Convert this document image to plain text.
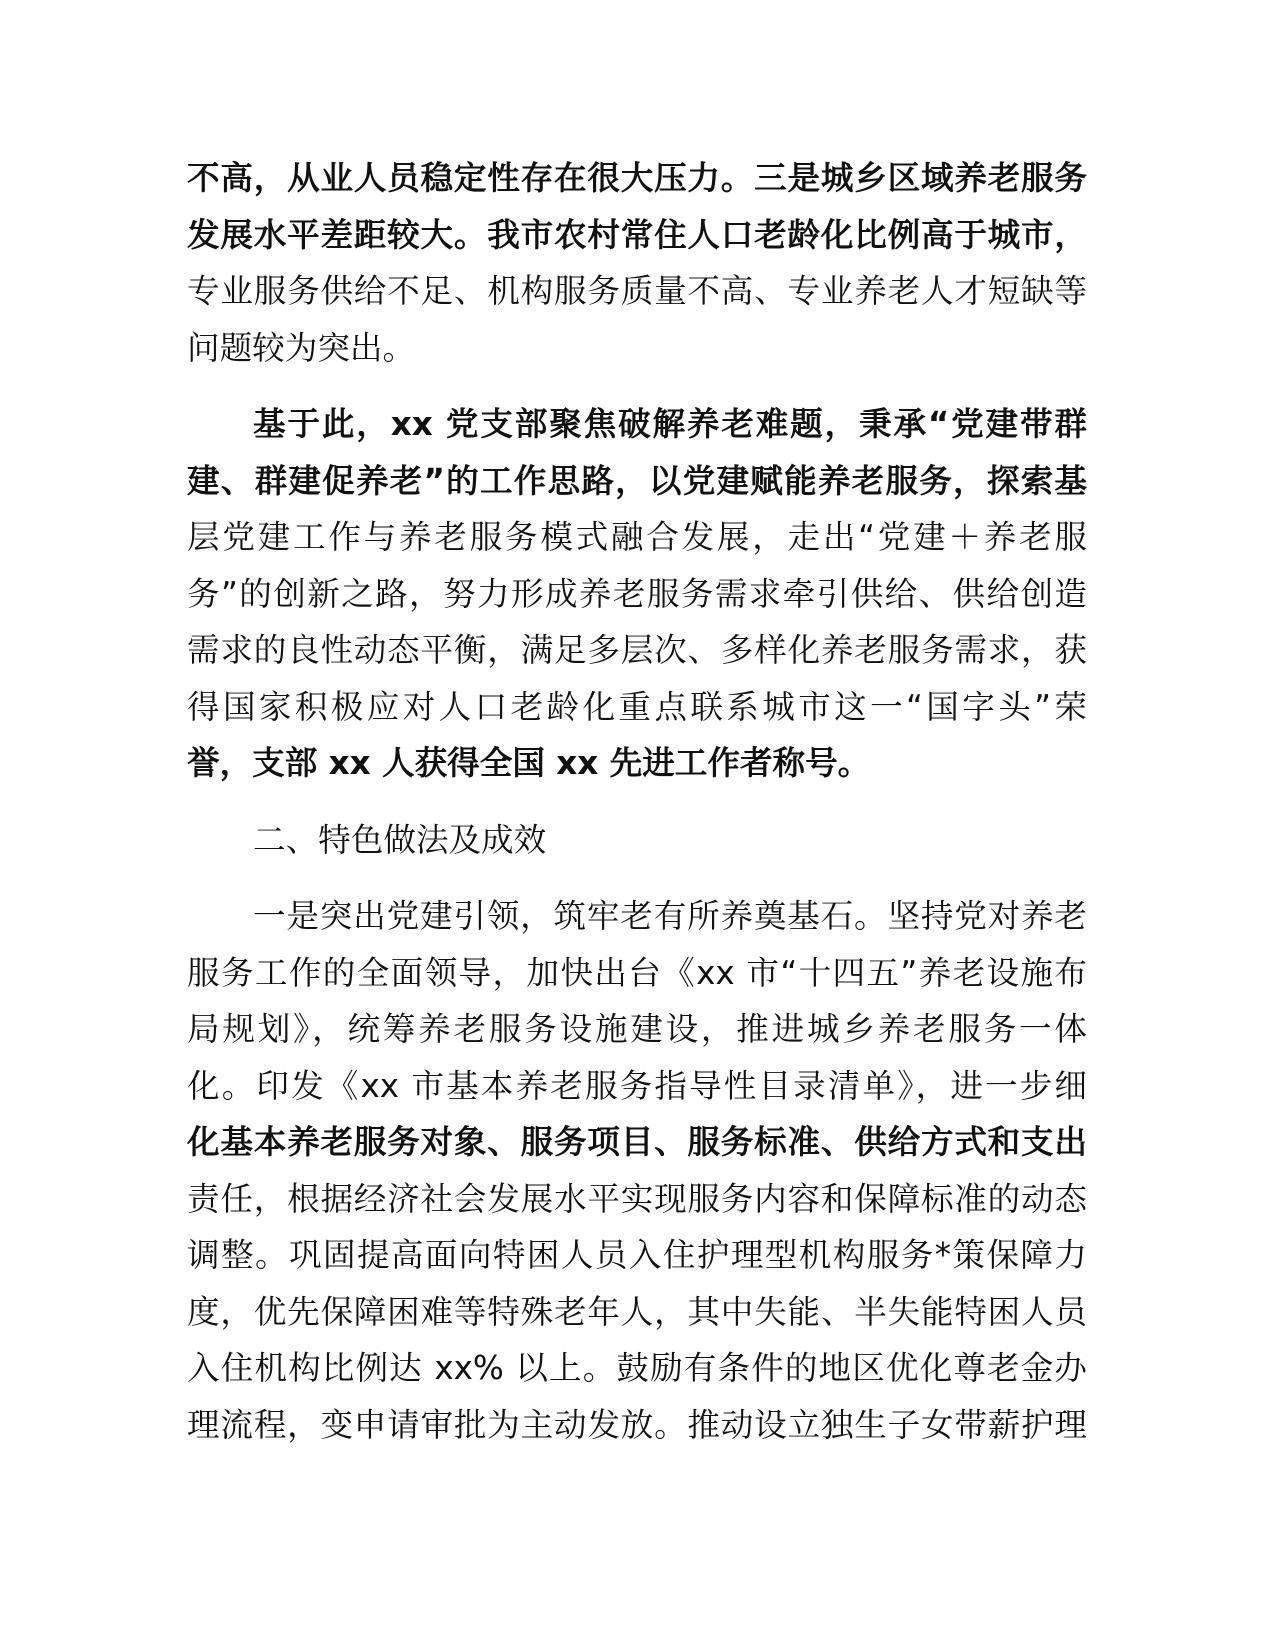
不高，从业人员稳定性存在很大压力。三是城乡区域养老服务
发展水平差距较大。我市农村常住人口老龄化比例高于城市，
专业服务供给不足、机构服务质量不高、专业养老人才短缺等
问题较为突出。
基于此，xx 党支部聚焦破解养老难题，秉承“党建带群
建、群建促养老”的工作思路，以党建赋能养老服务，探索基
层党建工作与养老服务模式融合发展，走出“党建＋养老服
务”的创新之路，努力形成养老服务需求牵引供给、供给创造
需求的良性动态平衡，满足多层次、多样化养老服务需求，获
得国家积极应对人口老龄化重点联系城市这一“国字头”荣
誉，支部 xx 人获得全国 xx 先进工作者称号。
二、特色做法及成效
一是突出党建引领，筑牢老有所养奠基石。坚持党对养老
服务工作的全面领导，加快出台《xx 市“十四五”养老设施布
局规划》，统筹养老服务设施建设，推进城乡养老服务一体
化。印发《xx 市基本养老服务指导性目录清单》，进一步细
化基本养老服务对象、服务项目、服务标准、供给方式和支出
责任，根据经济社会发展水平实现服务内容和保障标准的动态
调整。巩固提高面向特困人员入住护理型机构服务*策保障力
度，优先保障困难等特殊老年人，其中失能、半失能特困人员
入住机构比例达 xx% 以上。鼓励有条件的地区优化尊老金办
理流程，变申请审批为主动发放。推动设立独生子女带薪护理
